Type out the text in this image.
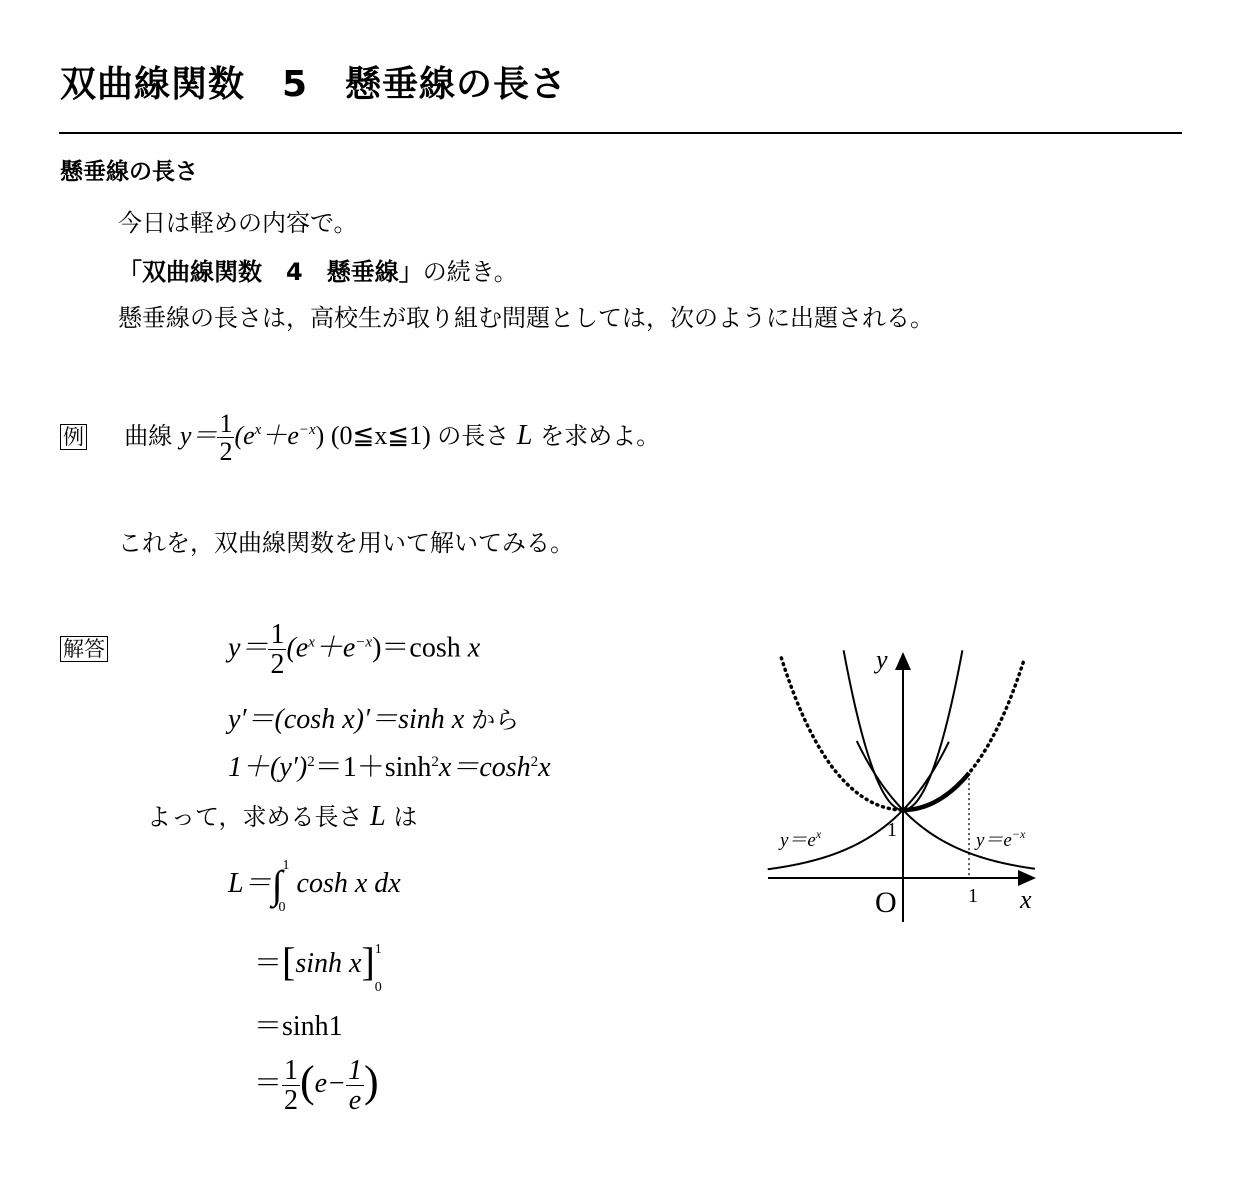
双曲線関数　5　懸垂線の長さ
懸垂線の長さ
今日は軽めの内容で。
「双曲線関数　4　懸垂線」の続き。
懸垂線の長さは，高校生が取り組む問題としては，次のように出題される。
例 曲線 $y= \frac{1}{2} (e^x+e^{-x})$ (0≦x≦1) の長さ L を求めよ。
これを，双曲線関数を用いて解いてみる。
解答	$y= \frac{1}{2} (e^x+e^{-x})=\cosh$ x
y′＝(cosh x)′＝sinh x から
$1+(y')^2=1+\sinh^2x=\cosh^2x$
よって，求める長さ L は
L＝∫ 1
0
cosh x dx
＝[sinh x] 1
0
＝sinh1
＝ $\frac{1}{2} (e- \frac{1}{e}$ )
y
x
O
1
1
$y=e^x$	$y=e^{-x}$
